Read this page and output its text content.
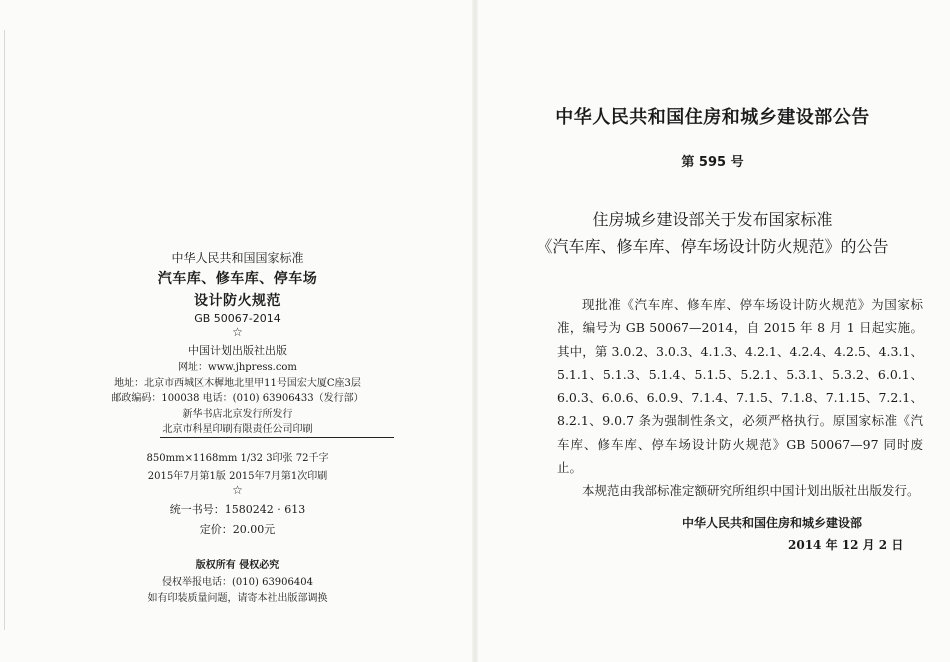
中华人民共和国国家标准
汽车库、修车库、停车场
设计防火规范
GB 50067-2014
☆
中国计划出版社出版
网址：www.jhpress.com
地址：北京市西城区木樨地北里甲11号国宏大厦C座3层
邮政编码：100038 电话：(010) 63906433（发行部）
新华书店北京发行所发行
北京市科星印刷有限责任公司印刷
850mm×1168mm 1/32 3印张 72千字
2015年7月第1版 2015年7月第1次印刷
☆
统一书号：1580242 · 613
定价：20.00元
版权所有 侵权必究
侵权举报电话：(010) 63906404
如有印装质量问题，请寄本社出版部调换
中华人民共和国住房和城乡建设部公告
第 595 号
住房城乡建设部关于发布国家标准
《汽车库、修车库、停车场设计防火规范》的公告

现批准《汽车库、修车库、停车场设计防火规范》为国家标准，编号为 GB 50067—2014，自 2015 年 8 月 1 日起实施。其中，第 3.0.2、3.0.3、4.1.3、4.2.1、4.2.4、4.2.5、4.3.1、5.1.1、5.1.3、5.1.4、5.1.5、5.2.1、5.3.1、5.3.2、6.0.1、6.0.3、6.0.6、6.0.9、7.1.4、7.1.5、7.1.8、7.1.15、7.2.1、8.2.1、9.0.7 条为强制性条文，必须严格执行。原国家标准《汽车库、修车库、停车场设计防火规范》GB 50067—97 同时废止。

本规范由我部标准定额研究所组织中国计划出版社出版发行。

中华人民共和国住房和城乡建设部
2014 年 12 月 2 日
